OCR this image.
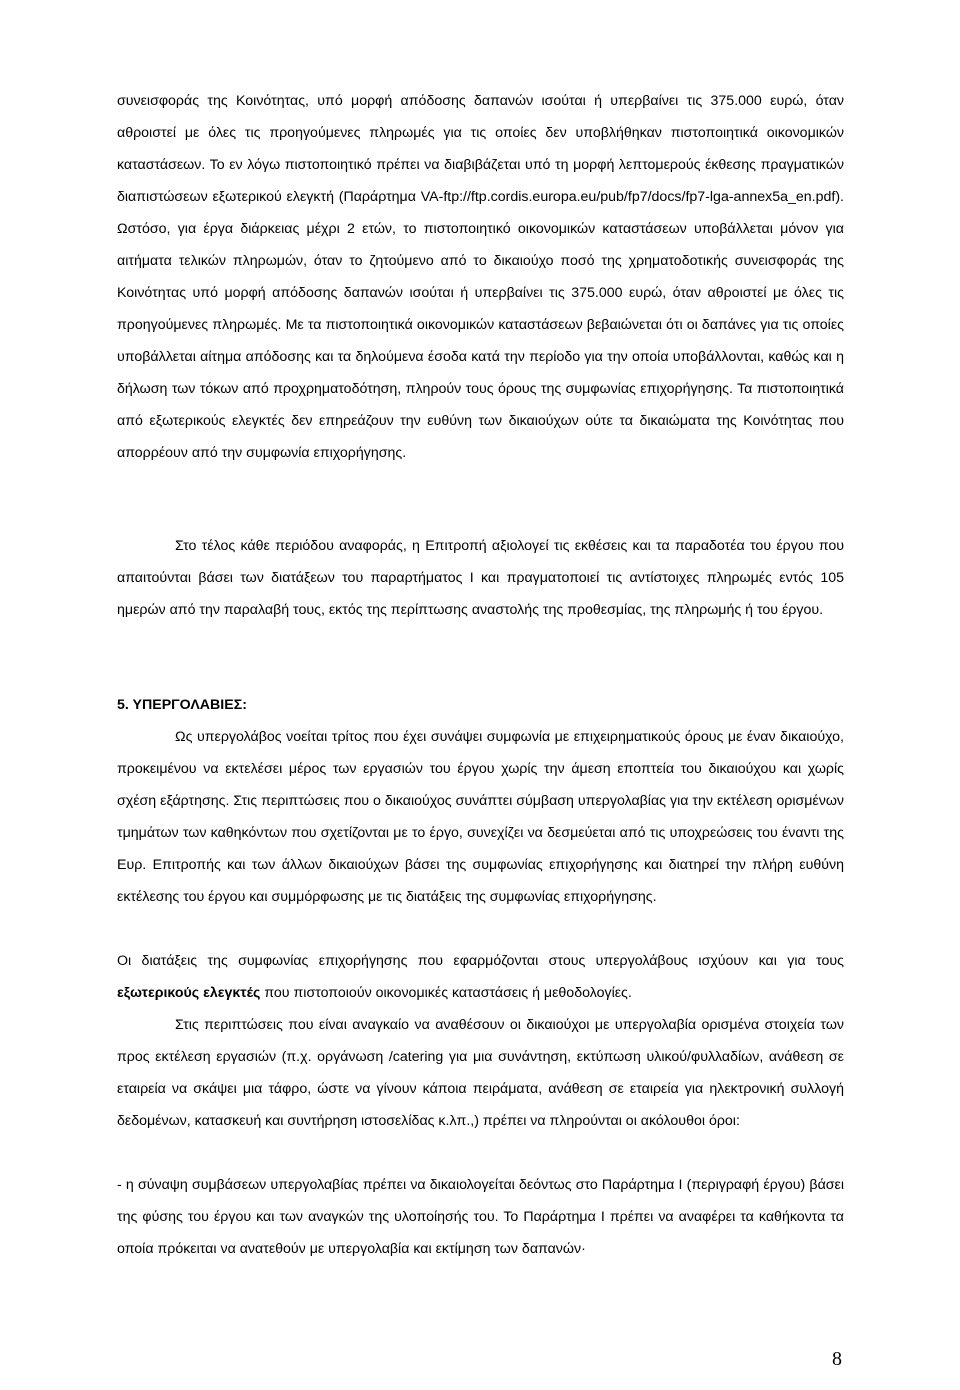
συνεισφοράς της Κοινότητας, υπό μορφή απόδοσης δαπανών ισούται ή υπερβαίνει τις 375.000 ευρώ, όταν αθροιστεί με όλες τις προηγούμενες πληρωμές για τις οποίες δεν υποβλήθηκαν πιστοποιητικά οικονομικών καταστάσεων. Το εν λόγω πιστοποιητικό πρέπει να διαβιβάζεται υπό τη μορφή λεπτομερούς έκθεσης πραγματικών διαπιστώσεων εξωτερικού ελεγκτή (Παράρτημα VA-ftp://ftp.cordis.europa.eu/pub/fp7/docs/fp7-lga-annex5a_en.pdf). Ωστόσο, για έργα διάρκειας μέχρι 2 ετών, το πιστοποιητικό οικονομικών καταστάσεων υποβάλλεται μόνον για αιτήματα τελικών πληρωμών, όταν το ζητούμενο από το δικαιούχο ποσό της χρηματοδοτικής συνεισφοράς της Κοινότητας υπό μορφή απόδοσης δαπανών ισούται ή υπερβαίνει τις 375.000 ευρώ, όταν αθροιστεί με όλες τις προηγούμενες πληρωμές. Με τα πιστοποιητικά οικονομικών καταστάσεων βεβαιώνεται ότι οι δαπάνες για τις οποίες υποβάλλεται αίτημα απόδοσης και τα δηλούμενα έσοδα κατά την περίοδο για την οποία υποβάλλονται, καθώς και η δήλωση των τόκων από προχρηματοδότηση, πληρούν τους όρους της συμφωνίας επιχορήγησης. Τα πιστοποιητικά από εξωτερικούς ελεγκτές δεν επηρεάζουν την ευθύνη των δικαιούχων ούτε τα δικαιώματα της Κοινότητας που απορρέουν από την συμφωνία επιχορήγησης.

Στο τέλος κάθε περιόδου αναφοράς, η Επιτροπή αξιολογεί τις εκθέσεις και τα παραδοτέα του έργου που απαιτούνται βάσει των διατάξεων του παραρτήματος Ι και πραγματοποιεί τις αντίστοιχες πληρωμές εντός 105 ημερών από την παραλαβή τους, εκτός της περίπτωσης αναστολής της προθεσμίας, της πληρωμής ή του έργου.

5. ΥΠΕΡΓΟΛΑΒΙΕΣ:

Ως υπεργολάβος νοείται τρίτος που έχει συνάψει συμφωνία με επιχειρηματικούς όρους με έναν δικαιούχο, προκειμένου να εκτελέσει μέρος των εργασιών του έργου χωρίς την άμεση εποπτεία του δικαιούχου και χωρίς σχέση εξάρτησης. Στις περιπτώσεις που ο δικαιούχος συνάπτει σύμβαση υπεργολαβίας για την εκτέλεση ορισμένων τμημάτων των καθηκόντων που σχετίζονται με το έργο, συνεχίζει να δεσμεύεται από τις υποχρεώσεις του έναντι της Ευρ. Επιτροπής και των άλλων δικαιούχων βάσει της συμφωνίας επιχορήγησης και διατηρεί την πλήρη ευθύνη εκτέλεσης του έργου και συμμόρφωσης με τις διατάξεις της συμφωνίας επιχορήγησης.

Οι διατάξεις της συμφωνίας επιχορήγησης που εφαρμόζονται στους υπεργολάβους ισχύουν και για τους εξωτερικούς ελεγκτές που πιστοποιούν οικονομικές καταστάσεις ή μεθοδολογίες.

Στις περιπτώσεις που είναι αναγκαίο να αναθέσουν οι δικαιούχοι με υπεργολαβία ορισμένα στοιχεία των προς εκτέλεση εργασιών (π.χ. οργάνωση /catering για μια συνάντηση, εκτύπωση υλικού/φυλλαδίων, ανάθεση σε εταιρεία να σκάψει μια τάφρο, ώστε να γίνουν κάποια πειράματα, ανάθεση σε εταιρεία για ηλεκτρονική συλλογή δεδομένων, κατασκευή και συντήρηση ιστοσελίδας κ.λπ.,) πρέπει να πληρούνται οι ακόλουθοι όροι:

- η σύναψη συμβάσεων υπεργολαβίας πρέπει να δικαιολογείται δεόντως στο Παράρτημα Ι (περιγραφή έργου) βάσει της φύσης του έργου και των αναγκών της υλοποίησής του. Το Παράρτημα Ι πρέπει να αναφέρει τα καθήκοντα τα οποία πρόκειται να ανατεθούν με υπεργολαβία και εκτίμηση των δαπανών·

8
